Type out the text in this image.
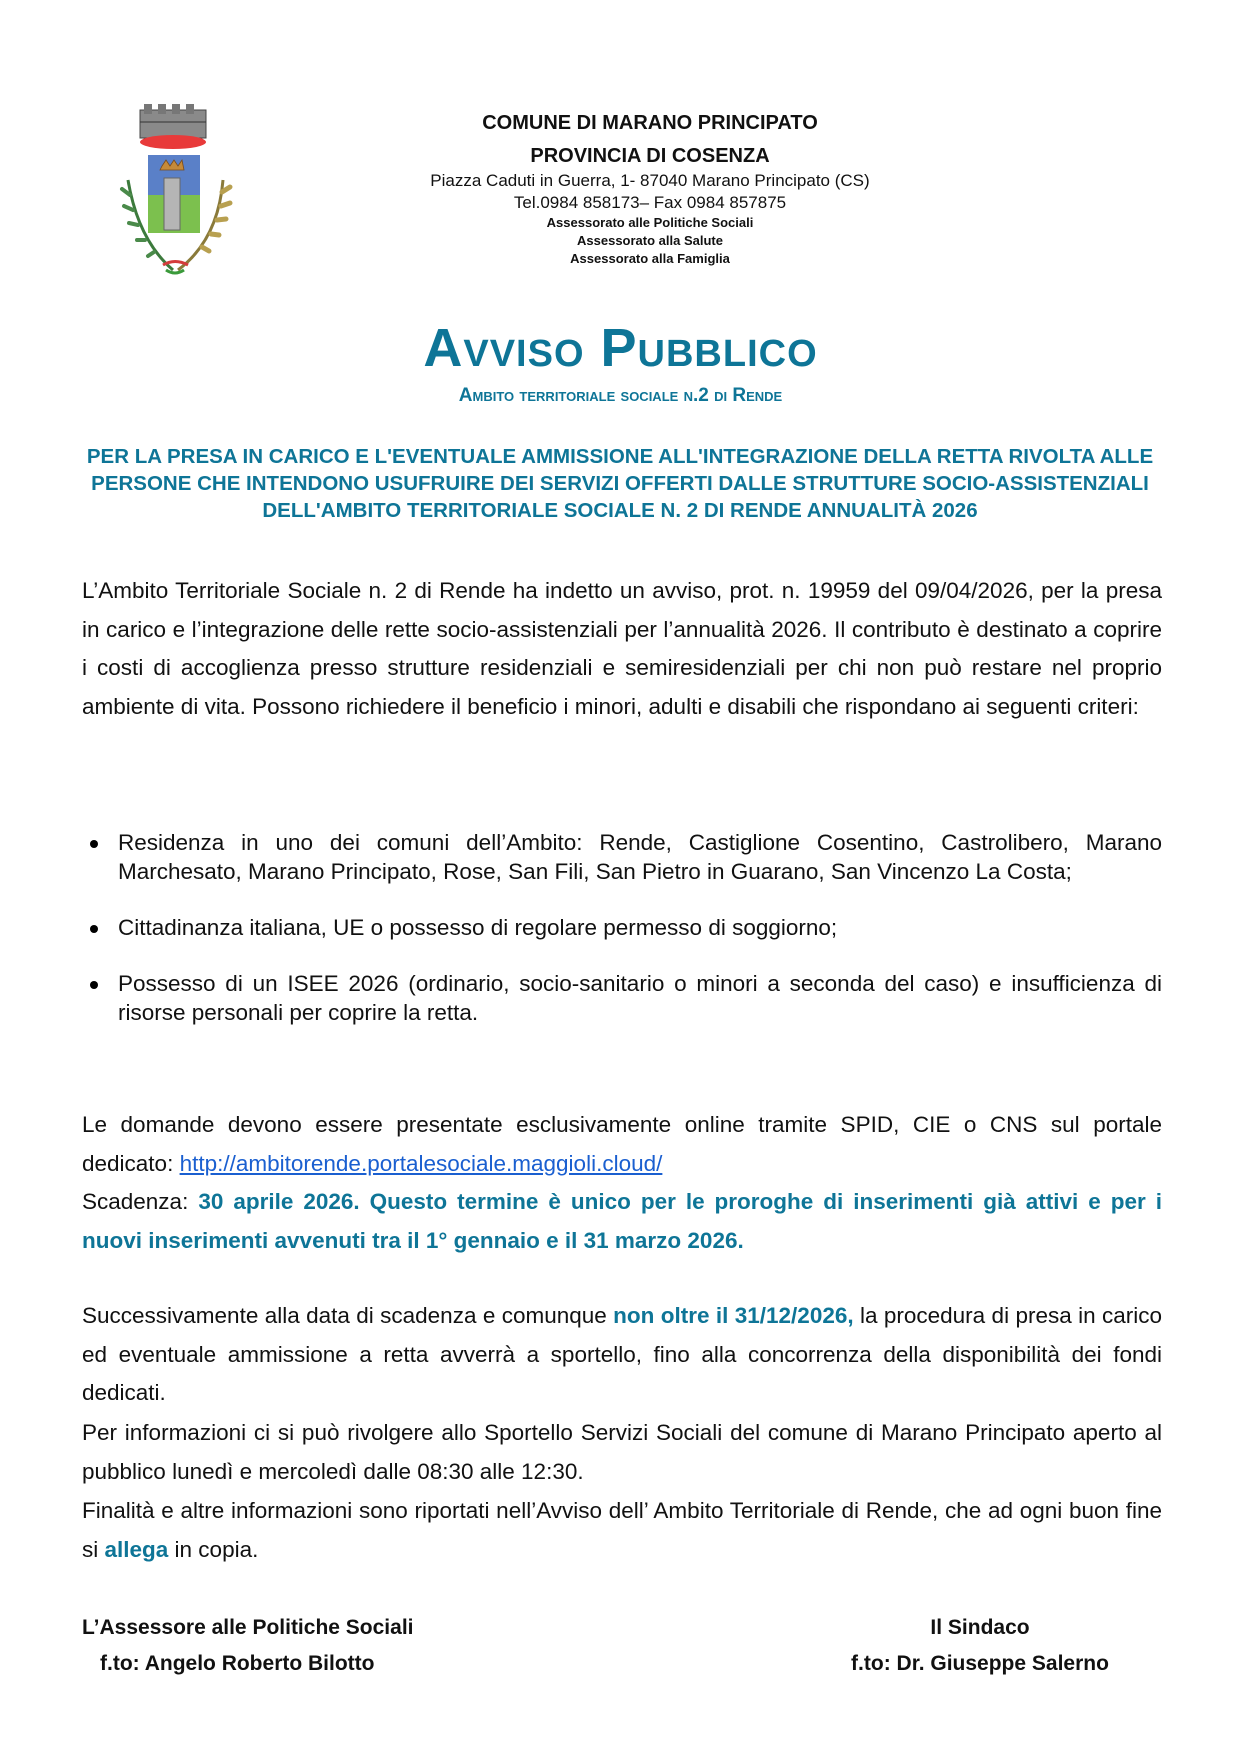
COMUNE DI MARANO PRINCIPATO
PROVINCIA DI COSENZA
Piazza Caduti in Guerra, 1- 87040 Marano Principato (CS)
Tel.0984 858173– Fax 0984 857875
Assessorato alle Politiche Sociali
Assessorato alla Salute
Assessorato alla Famiglia
Avviso Pubblico
Ambito territoriale sociale n.2 di Rende
PER LA PRESA IN CARICO E L'EVENTUALE AMMISSIONE ALL'INTEGRAZIONE DELLA RETTA RIVOLTA ALLE PERSONE CHE INTENDONO USUFRUIRE DEI SERVIZI OFFERTI DALLE STRUTTURE SOCIO-ASSISTENZIALI DELL'AMBITO TERRITORIALE SOCIALE N. 2 DI RENDE ANNUALITÀ 2026
L’Ambito Territoriale Sociale n. 2 di Rende ha indetto un avviso, prot. n. 19959 del 09/04/2026, per la presa in carico e l’integrazione delle rette socio-assistenziali per l’annualità 2026. Il contributo è destinato a coprire i costi di accoglienza presso strutture residenziali e semiresidenziali per chi non può restare nel proprio ambiente di vita. Possono richiedere il beneficio i minori, adulti e disabili che rispondano ai seguenti criteri:
Residenza in uno dei comuni dell’Ambito: Rende, Castiglione Cosentino, Castrolibero, Marano Marchesato, Marano Principato, Rose, San Fili, San Pietro in Guarano, San Vincenzo La Costa;
Cittadinanza italiana, UE o possesso di regolare permesso di soggiorno;
Possesso di un ISEE 2026 (ordinario, socio-sanitario o minori a seconda del caso) e insufficienza di risorse personali per coprire la retta.
Le domande devono essere presentate esclusivamente online tramite SPID, CIE o CNS sul portale dedicato: http://ambitorende.portalesociale.maggioli.cloud/
Scadenza: 30 aprile 2026. Questo termine è unico per le proroghe di inserimenti già attivi e per i nuovi inserimenti avvenuti tra il 1° gennaio e il 31 marzo 2026.
Successivamente alla data di scadenza e comunque non oltre il 31/12/2026, la procedura di presa in carico ed eventuale ammissione a retta avverrà a sportello, fino alla concorrenza della disponibilità dei fondi dedicati.
Per informazioni ci si può rivolgere allo Sportello Servizi Sociali del comune di Marano Principato aperto al pubblico lunedì e mercoledì dalle 08:30 alle 12:30.
Finalità e altre informazioni sono riportati nell’Avviso dell’ Ambito Territoriale di Rende, che ad ogni buon fine si allega in copia.
L’Assessore alle Politiche Sociali
f.to: Angelo Roberto Bilotto
Il Sindaco
f.to: Dr. Giuseppe Salerno
